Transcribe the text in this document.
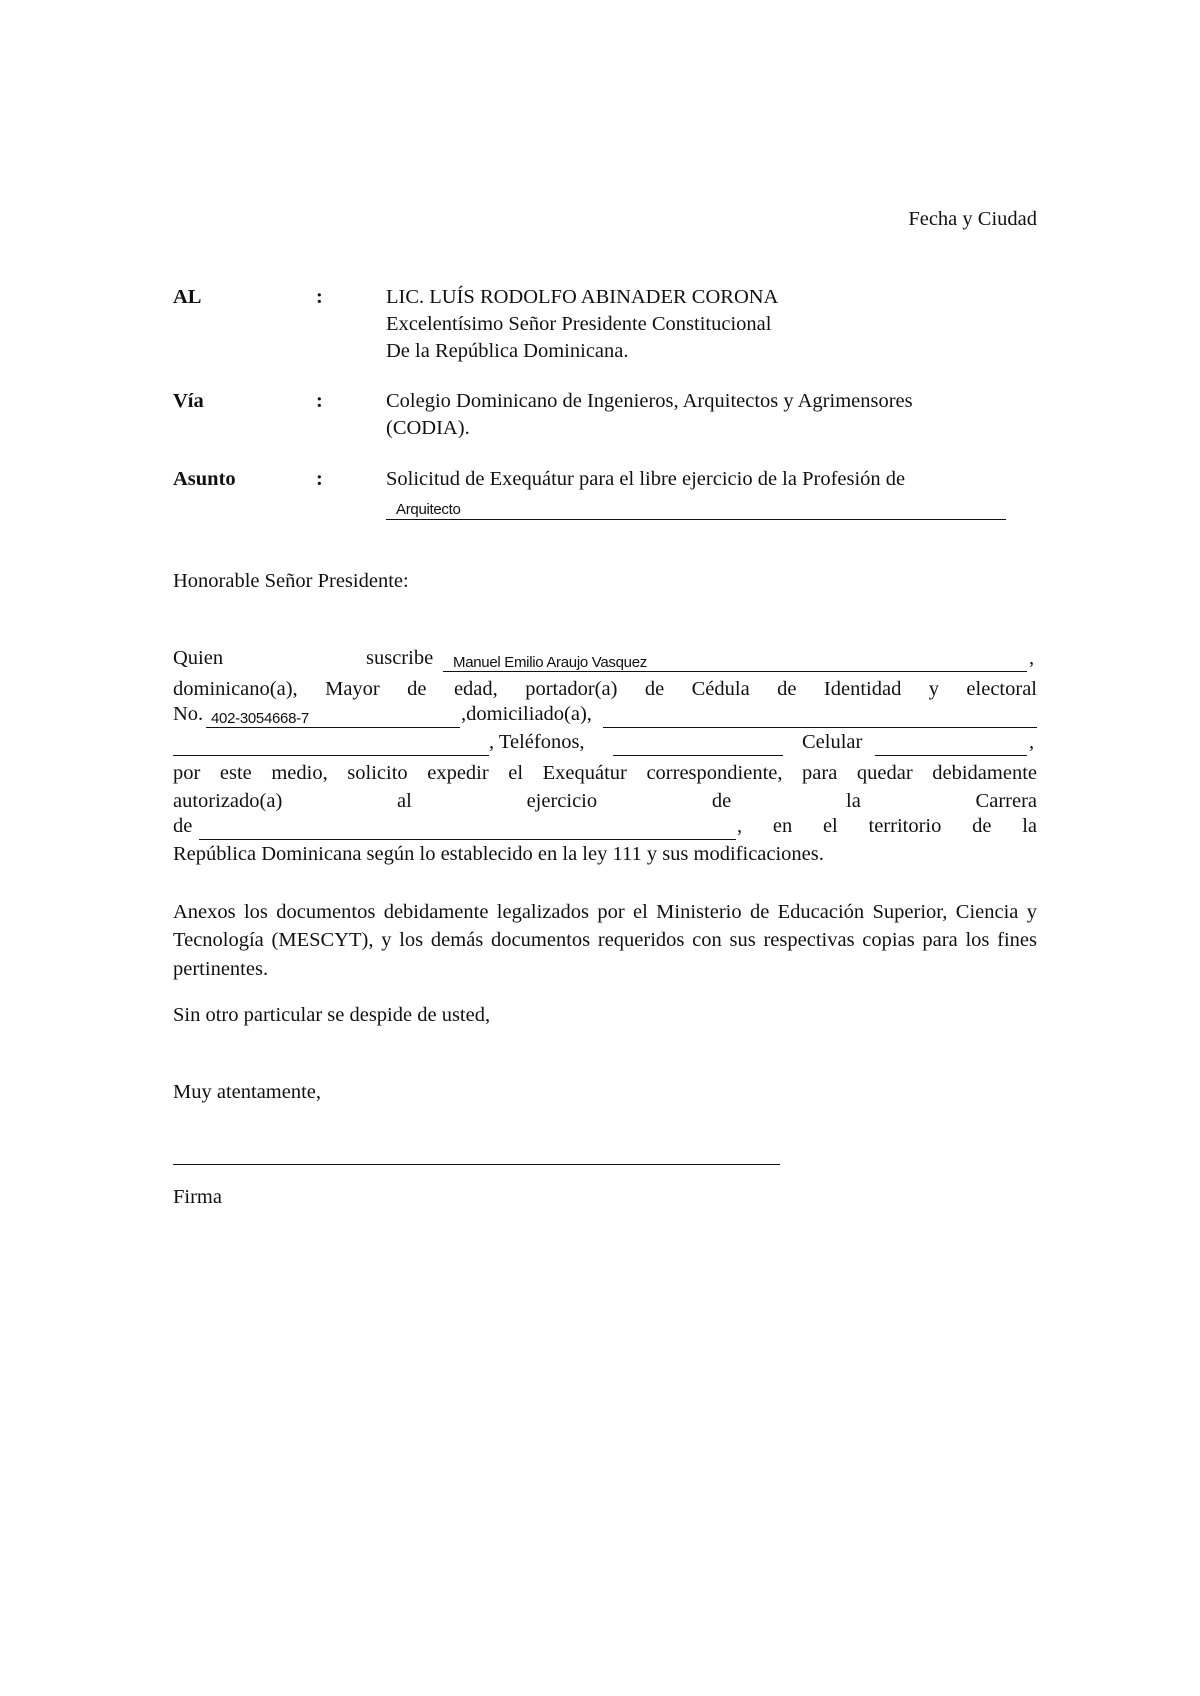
Fecha y Ciudad
AL	:	LIC. LUÍS RODOLFO ABINADER CORONA
Excelentísimo Señor Presidente Constitucional
De la República Dominicana.
Vía	:	Colegio Dominicano de Ingenieros, Arquitectos y Agrimensores
(CODIA).
Asunto	:	Solicitud de Exequátur para el libre ejercicio de la Profesión de
Arquitecto
Honorable Señor Presidente:
Quien	suscribe Manuel Emilio Araujo Vasquez	,
dominicano(a), Mayor de edad, portador(a) de Cédula de Identidad y electoral
No. 402-3054668-7	,domiciliado(a),
, Teléfonos,	Celular	,
por este medio, solicito expedir el Exequátur correspondiente, para quedar debidamente
autorizado(a) al ejercicio de la Carrera
de	, en el territorio de la
República Dominicana según lo establecido en la ley 111 y sus modificaciones.
Anexos los documentos debidamente legalizados por el Ministerio de Educación Superior, Ciencia y Tecnología (MESCYT), y los demás documentos requeridos con sus respectivas copias para los fines pertinentes.
Sin otro particular se despide de usted,
Muy atentamente,
Firma
